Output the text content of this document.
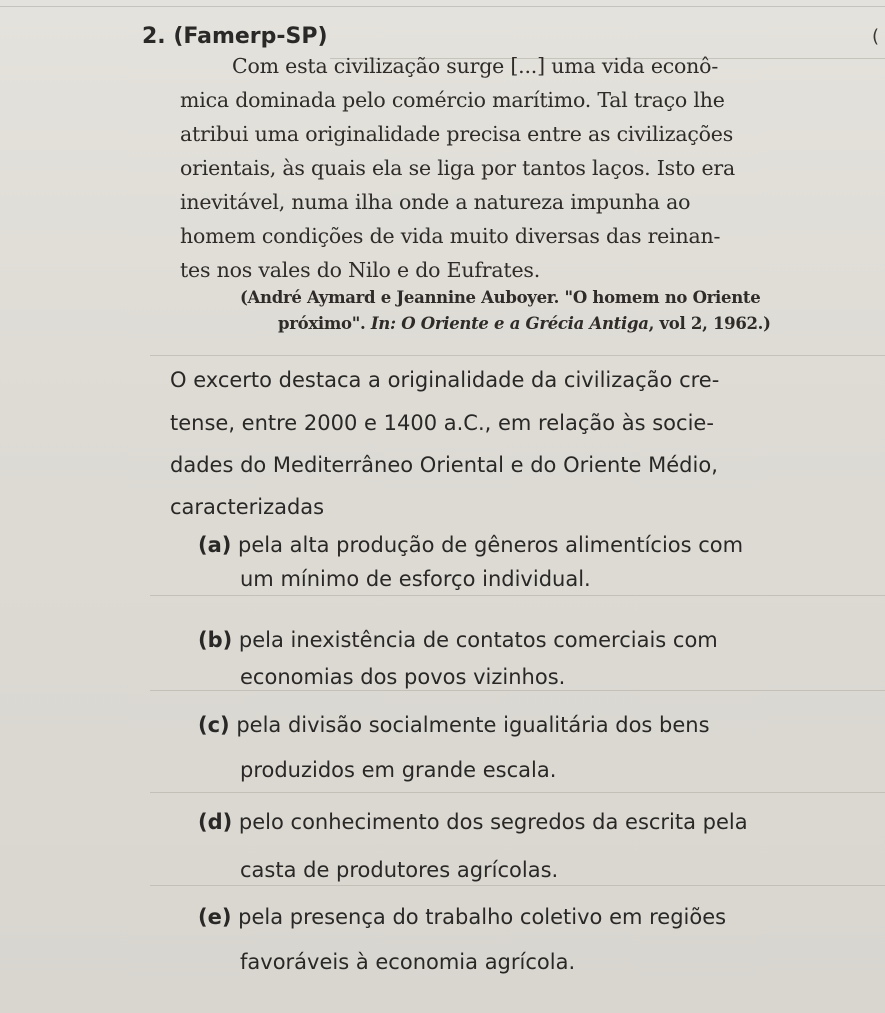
(
2. (Famerp-SP)
Com esta civilização surge [...] uma vida econô-
mica dominada pelo comércio marítimo. Tal traço lhe
atribui uma originalidade precisa entre as civilizações
orientais, às quais ela se liga por tantos laços. Isto era
inevitável, numa ilha onde a natureza impunha ao
homem condições de vida muito diversas das reinan-
tes nos vales do Nilo e do Eufrates.
(André Aymard e Jeannine Auboyer. "O homem no Oriente
próximo". In: O Oriente e a Grécia Antiga, vol 2, 1962.)
O excerto destaca a originalidade da civilização cre-
tense, entre 2000 e 1400 a.C., em relação às socie-
dades do Mediterrâneo Oriental e do Oriente Médio,
caracterizadas
(a) pela alta produção de gêneros alimentícios com
um mínimo de esforço individual.
(b) pela inexistência de contatos comerciais com
economias dos povos vizinhos.
(c) pela divisão socialmente igualitária dos bens
produzidos em grande escala.
(d) pelo conhecimento dos segredos da escrita pela
casta de produtores agrícolas.
(e) pela presença do trabalho coletivo em regiões
favoráveis à economia agrícola.
